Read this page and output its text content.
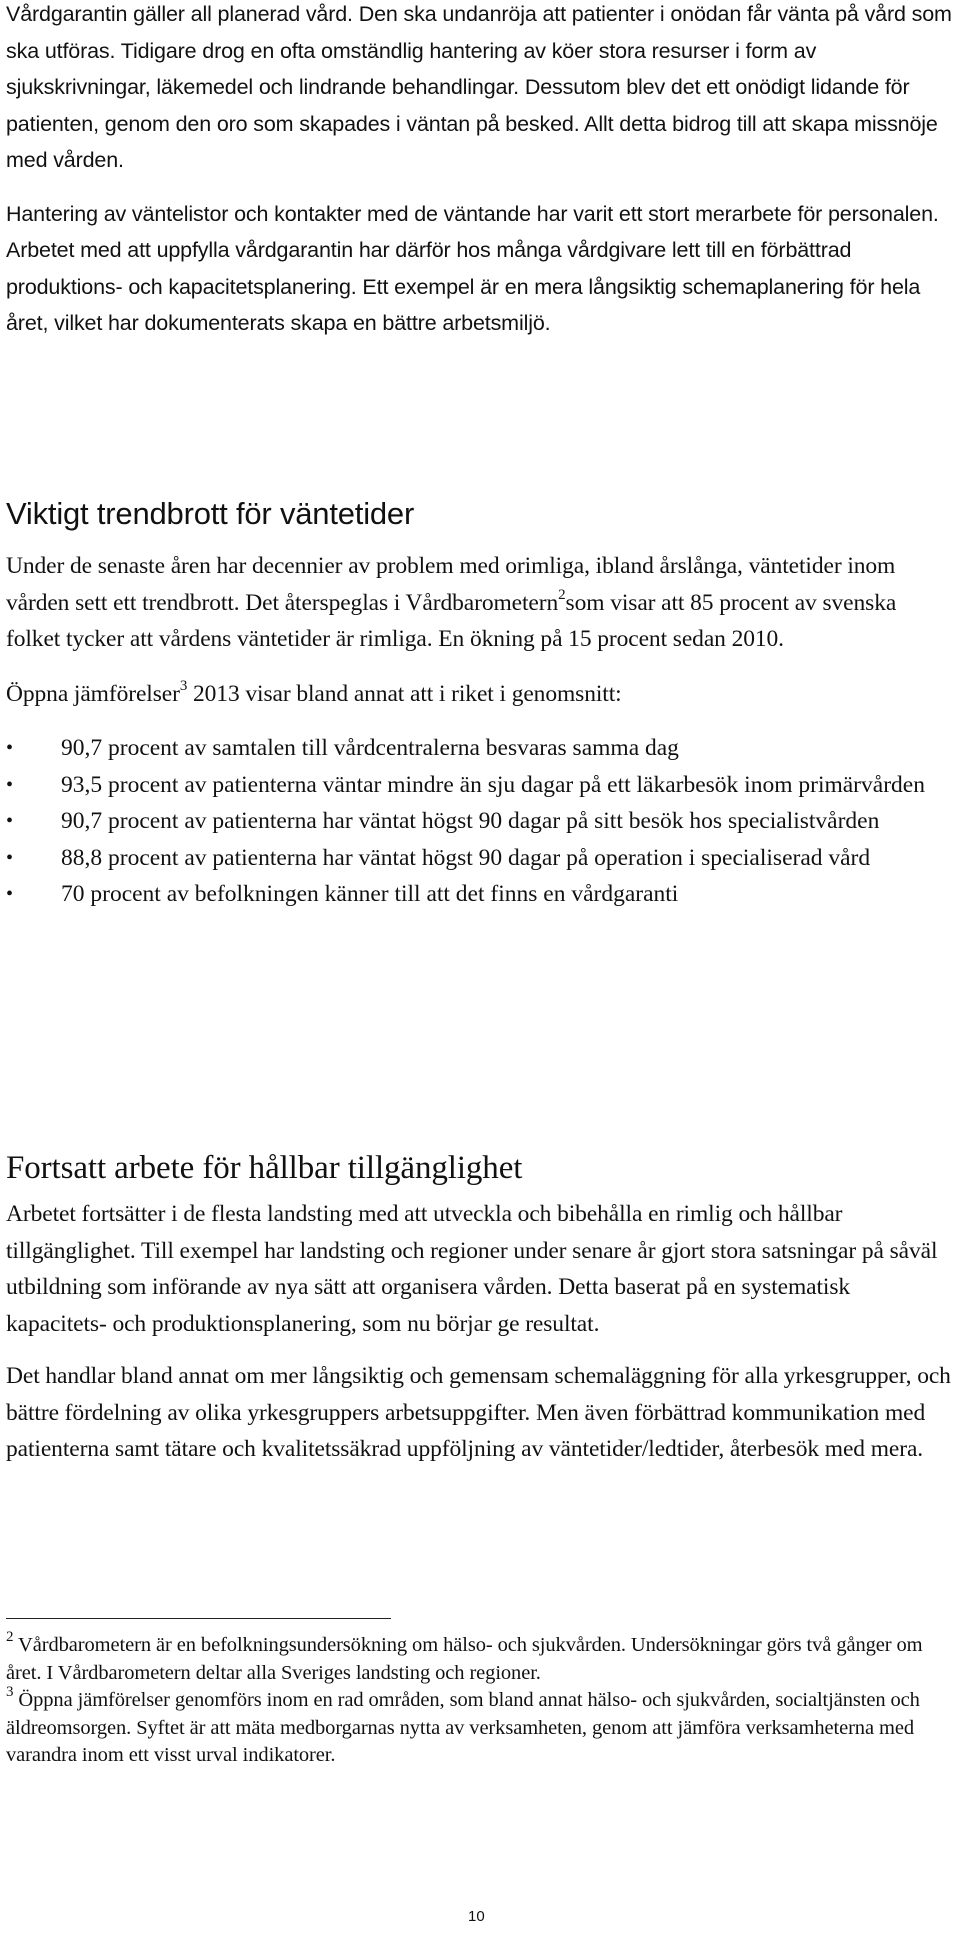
Vårdgarantin gäller all planerad vård. Den ska undanröja att patienter i onödan får vänta på vård som ska utföras. Tidigare drog en ofta omständlig hantering av köer stora resurser i form av sjukskrivningar, läkemedel och lindrande behandlingar. Dessutom blev det ett onödigt lidande för patienten, genom den oro som skapades i väntan på besked. Allt detta bidrog till att skapa missnöje med vården.

Hantering av väntelistor och kontakter med de väntande har varit ett stort merarbete för personalen. Arbetet med att uppfylla vårdgarantin har därför hos många vårdgivare lett till en förbättrad produktions- och kapacitetsplanering. Ett exempel är en mera långsiktig schemaplanering för hela året, vilket har dokumenterats skapa en bättre arbetsmiljö.

Viktigt trendbrott för väntetider

Under de senaste åren har decennier av problem med orimliga, ibland årslånga, väntetider inom vården sett ett trendbrott. Det återspeglas i Vårdbarometern$^2$som visar att 85 procent av svenska folket tycker att vårdens väntetider är rimliga. En ökning på 15 procent sedan 2010.

Öppna jämförelser$^3$ 2013 visar bland annat att i riket i genomsnitt:

• 90,7 procent av samtalen till vårdcentralerna besvaras samma dag
• 93,5 procent av patienterna väntar mindre än sju dagar på ett läkarbesök inom primärvården
• 90,7 procent av patienterna har väntat högst 90 dagar på sitt besök hos specialistvården
• 88,8 procent av patienterna har väntat högst 90 dagar på operation i specialiserad vård
• 70 procent av befolkningen känner till att det finns en vårdgaranti
Fortsatt arbete för hållbar tillgänglighet

Arbetet fortsätter i de flesta landsting med att utveckla och bibehålla en rimlig och hållbar tillgänglighet. Till exempel har landsting och regioner under senare år gjort stora satsningar på såväl utbildning som införande av nya sätt att organisera vården. Detta baserat på en systematisk kapacitets- och produktionsplanering, som nu börjar ge resultat.

Det handlar bland annat om mer långsiktig och gemensam schemaläggning för alla yrkesgrupper, och bättre fördelning av olika yrkesgruppers arbetsuppgifter. Men även förbättrad kommunikation med patienterna samt tätare och kvalitetssäkrad uppföljning av väntetider/ledtider, återbesök med mera.

$^2$ Vårdbarometern är en befolkningsundersökning om hälso- och sjukvården. Undersökningar görs två gånger om året. I Vårdbarometern deltar alla Sveriges landsting och regioner.

$^3$ Öppna jämförelser genomförs inom en rad områden, som bland annat hälso- och sjukvården, socialtjänsten och äldreomsorgen. Syftet är att mäta medborgarnas nytta av verksamheten, genom att jämföra verksamheterna med varandra inom ett visst urval indikatorer.

10
